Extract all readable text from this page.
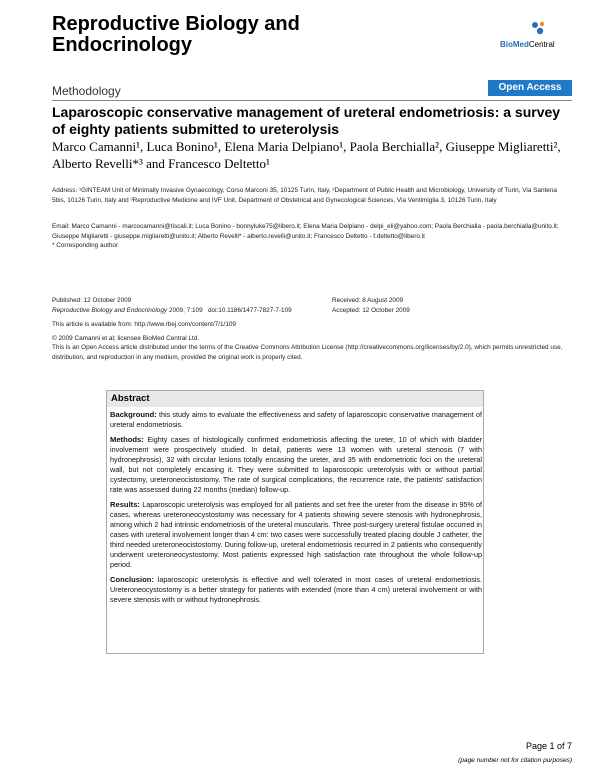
Reproductive Biology and Endocrinology	BioMedCentral
Methodology	Open Access
Laparoscopic conservative management of ureteral endometriosis: a survey of eighty patients submitted to ureterolysis
Marco Camanni¹, Luca Bonino¹, Elena Maria Delpiano¹, Paola Berchialla², Giuseppe Migliaretti², Alberto Revelli*³ and Francesco Deltetto¹
Address: ¹GINTEAM Unit of Minimally Invasive Gynaecology, Corso Marconi 35, 10125 Turin, Italy, ²Department of Public Health and Microbiology, University of Turin, Via Santena 5bis, 10126 Turin, Italy and ³Reproductive Medicine and IVF Unit, Department of Obstetrical and Gynecological Sciences, Via Ventimiglia 3, 10126 Turin, Italy
Email: Marco Camanni - marcocamanni@tiscali.it; Luca Bonino - bonnyluke75@libero.it; Elena Maria Delpiano - delpi_eli@yahoo.com; Paola Berchialla - paola.berchialla@unito.it; Giuseppe Migliaretti - giuseppe.migliaretti@unito.it; Alberto Revelli* - alberto.revelli@unito.it; Francesco Deltetto - f.deltetto@libero.it
* Corresponding author
Published: 12 October 2009
Reproductive Biology and Endocrinology 2009, 7:109 doi:10.1186/1477-7827-7-109
Received: 8 August 2009
Accepted: 12 October 2009
This article is available from: http://www.rbej.com/content/7/1/109
© 2009 Camanni et al; licensee BioMed Central Ltd.
This is an Open Access article distributed under the terms of the Creative Commons Attribution License (http://creativecommons.org/licenses/by/2.0), which permits unrestricted use, distribution, and reproduction in any medium, provided the original work is properly cited.
Abstract

Background: this study aims to evaluate the effectiveness and safety of laparoscopic conservative management of ureteral endometriosis.

Methods: Eighty cases of histologically confirmed endometriosis affecting the ureter, 10 of which with bladder involvement were prospectively studied. In detail, patients were 13 women with ureteral stenosis (7 with hydronephrosis), 32 with circular lesions totally encasing the ureter, and 35 with endometriotic foci on the ureteral wall, but not completely encasing it. They were submitted to laparoscopic ureterolysis with or without partial cystectomy, ureteroneocistostomy. The rate of surgical complications, the recurrence rate, the patients' satisfaction rate was assessed during 22 months (median) follow-up.

Results: Laparoscopic ureterolysis was employed for all patients and set free the ureter from the disease in 95% of cases, whereas ureteroneocystostomy was necessary for 4 patients showing severe stenosis with hydronephrosis, among which 2 had intrinsic endometriosis of the ureteral muscularis. Three post-surgery ureteral fistulae occurred in cases with ureteral involvement longer than 4 cm: two cases were successfully treated placing double J catheter, the third needed ureteroneocistostomy. During follow-up, ureteral endometriosis recurred in 2 patients who consequently underwent ureteroneocystostomy. Most patients expressed high satisfaction rate throughout the whole follow-up period.

Conclusion: laparoscopic ureterolysis is effective and well tolerated in most cases of ureteral endometriosis. Ureteroneocystostomy is a better strategy for patients with extended (more than 4 cm) ureteral involvement or with severe stenosis with or without hydronephrosis.

Page 1 of 7
(page number not for citation purposes)
